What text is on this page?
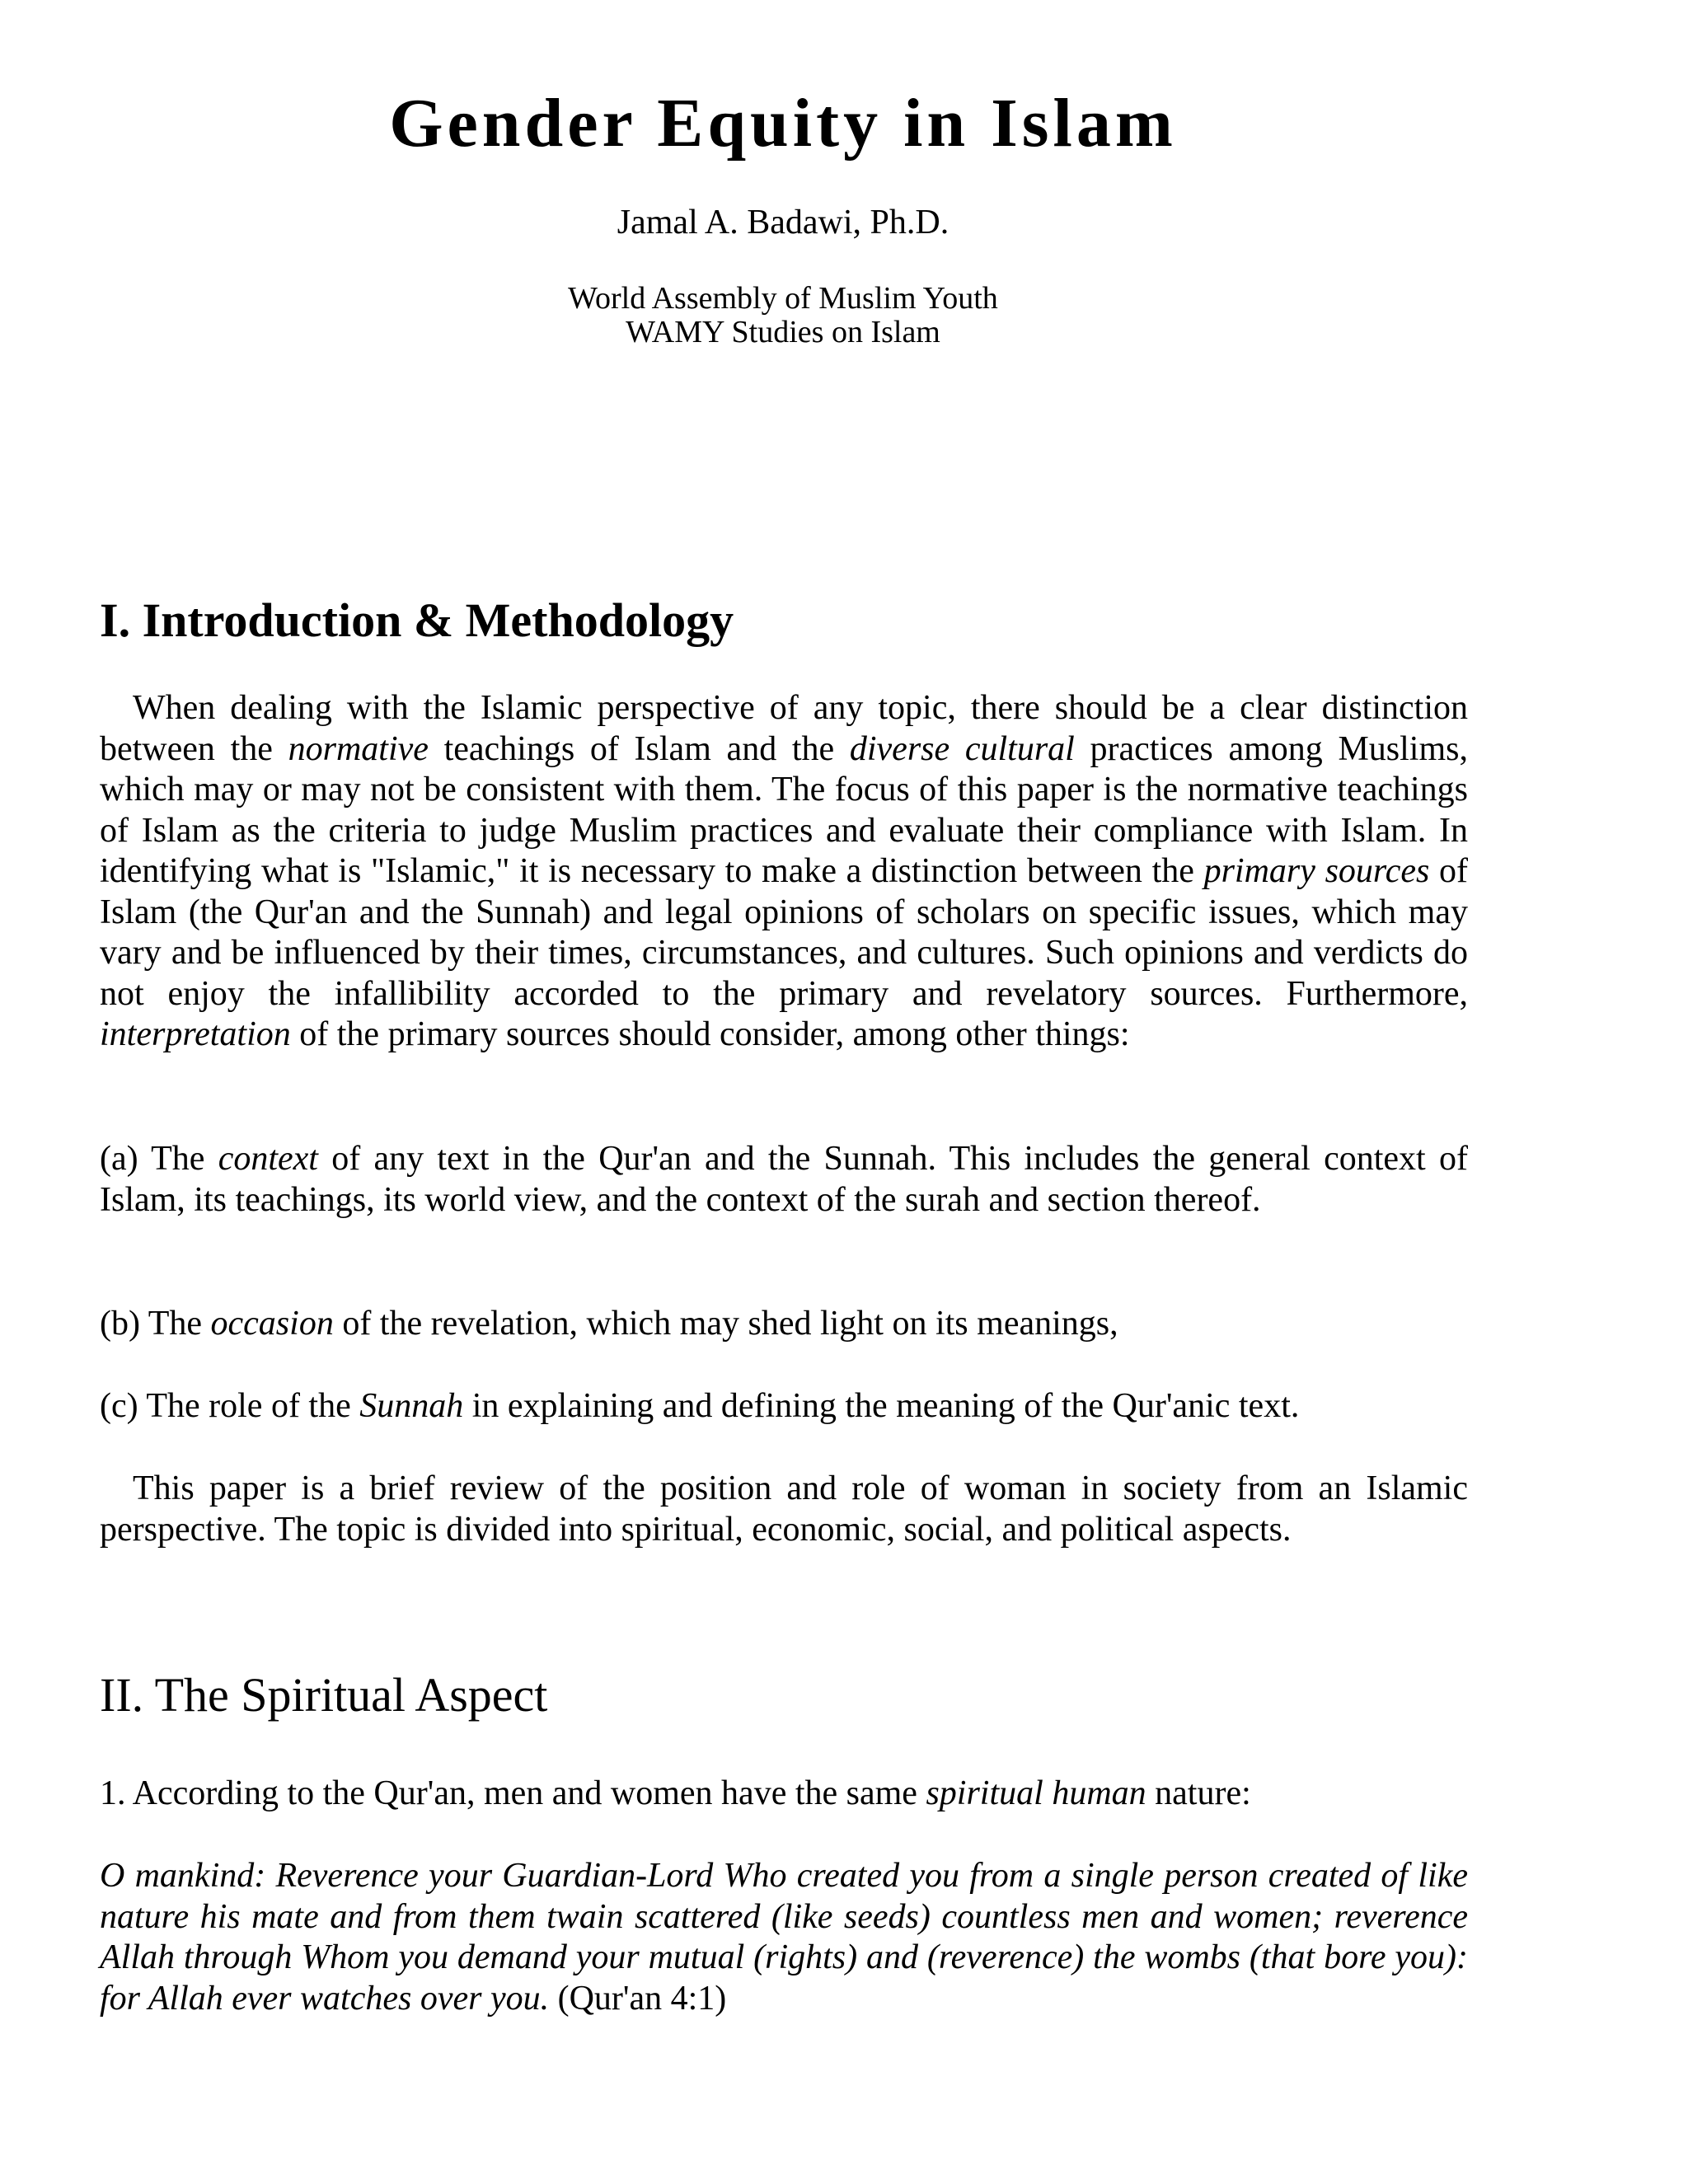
Gender Equity in Islam
Jamal A. Badawi, Ph.D.
World Assembly of Muslim Youth
WAMY Studies on Islam
I. Introduction & Methodology

When dealing with the Islamic perspective of any topic, there should be a clear distinction between the normative teachings of Islam and the diverse cultural practices among Muslims, which may or may not be consistent with them. The focus of this paper is the normative teachings of Islam as the criteria to judge Muslim practices and evaluate their compliance with Islam. In identifying what is "Islamic," it is necessary to make a distinction between the primary sources of Islam (the Qur'an and the Sunnah) and legal opinions of scholars on specific issues, which may vary and be influenced by their times, circumstances, and cultures. Such opinions and verdicts do not enjoy the infallibility accorded to the primary and revelatory sources. Furthermore, interpretation of the primary sources should consider, among other things:

(a) The context of any text in the Qur'an and the Sunnah. This includes the general context of Islam, its teachings, its world view, and the context of the surah and section thereof.

(b) The occasion of the revelation, which may shed light on its meanings,

(c) The role of the Sunnah in explaining and defining the meaning of the Qur'anic text.

This paper is a brief review of the position and role of woman in society from an Islamic perspective. The topic is divided into spiritual, economic, social, and political aspects.

II. The Spiritual Aspect

1. According to the Qur'an, men and women have the same spiritual human nature:

O mankind: Reverence your Guardian-Lord Who created you from a single person created of like nature his mate and from them twain scattered (like seeds) countless men and women; reverence Allah through Whom you demand your mutual (rights) and (reverence) the wombs (that bore you): for Allah ever watches over you. (Qur'an 4:1)
